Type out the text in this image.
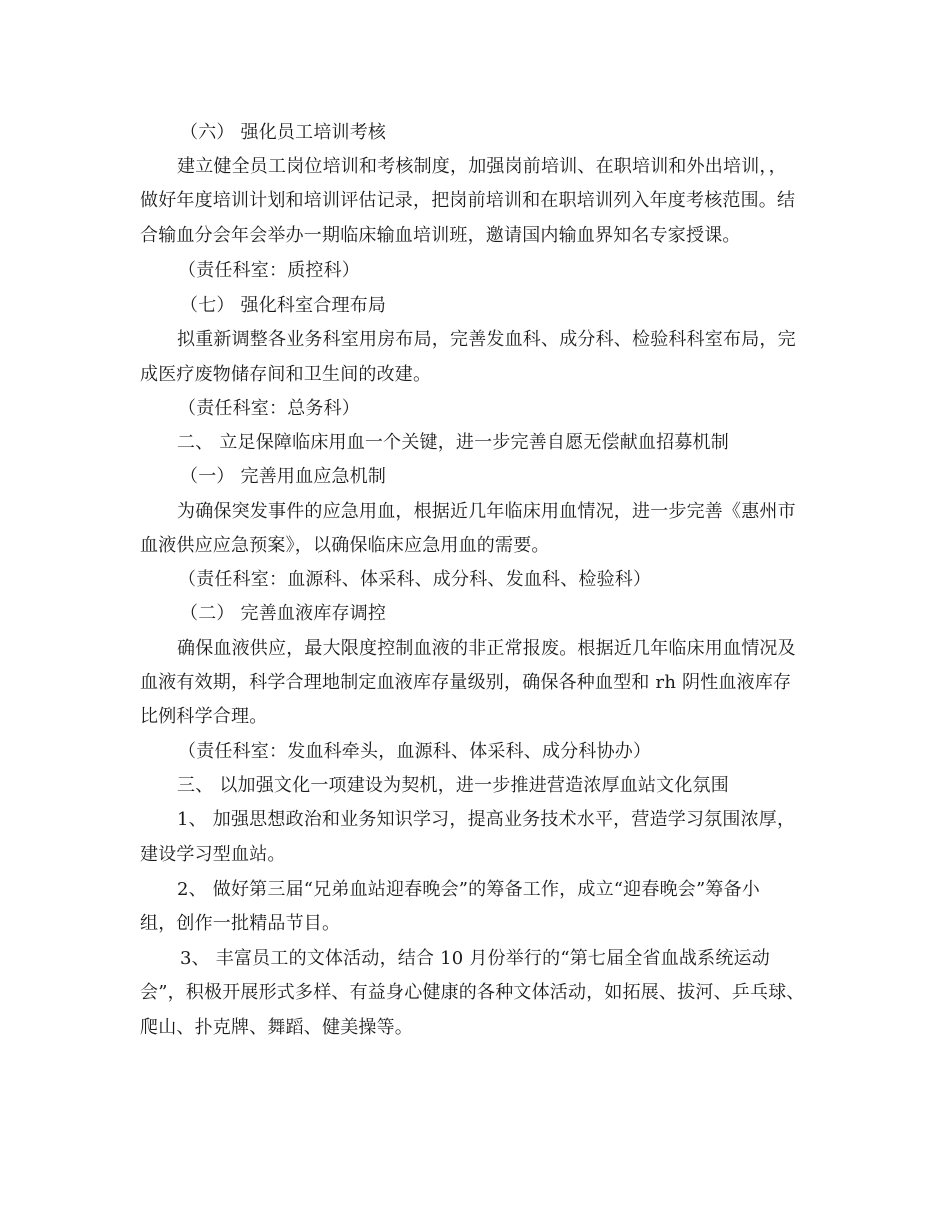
（六） 强化员工培训考核
建立健全员工岗位培训和考核制度，加强岗前培训、在职培训和外出培训，，
做好年度培训计划和培训评估记录，把岗前培训和在职培训列入年度考核范围。结
合输血分会年会举办一期临床输血培训班，邀请国内输血界知名专家授课。
（责任科室：质控科）
（七） 强化科室合理布局
拟重新调整各业务科室用房布局，完善发血科、成分科、检验科科室布局，完
成医疗废物储存间和卫生间的改建。
（责任科室：总务科）
二、 立足保障临床用血一个关键，进一步完善自愿无偿献血招募机制
（一） 完善用血应急机制
为确保突发事件的应急用血，根据近几年临床用血情况，进一步完善《惠州市
血液供应应急预案》，以确保临床应急用血的需要。
（责任科室：血源科、体采科、成分科、发血科、检验科）
（二） 完善血液库存调控
确保血液供应，最大限度控制血液的非正常报废。根据近几年临床用血情况及
血液有效期，科学合理地制定血液库存量级别，确保各种血型和 rh 阴性血液库存
比例科学合理。
（责任科室：发血科牵头，血源科、体采科、成分科协办）
三、 以加强文化一项建设为契机，进一步推进营造浓厚血站文化氛围
1、 加强思想政治和业务知识学习，提高业务技术水平，营造学习氛围浓厚，
建设学习型血站。
2、 做好第三届“兄弟血站迎春晚会”的筹备工作，成立“迎春晚会”筹备小
组，创作一批精品节目。
3、 丰富员工的文体活动，结合 10 月份举行的“第七届全省血战系统运动
会”，积极开展形式多样、有益身心健康的各种文体活动，如拓展、拔河、乒乓球、
爬山、扑克牌、舞蹈、健美操等。
